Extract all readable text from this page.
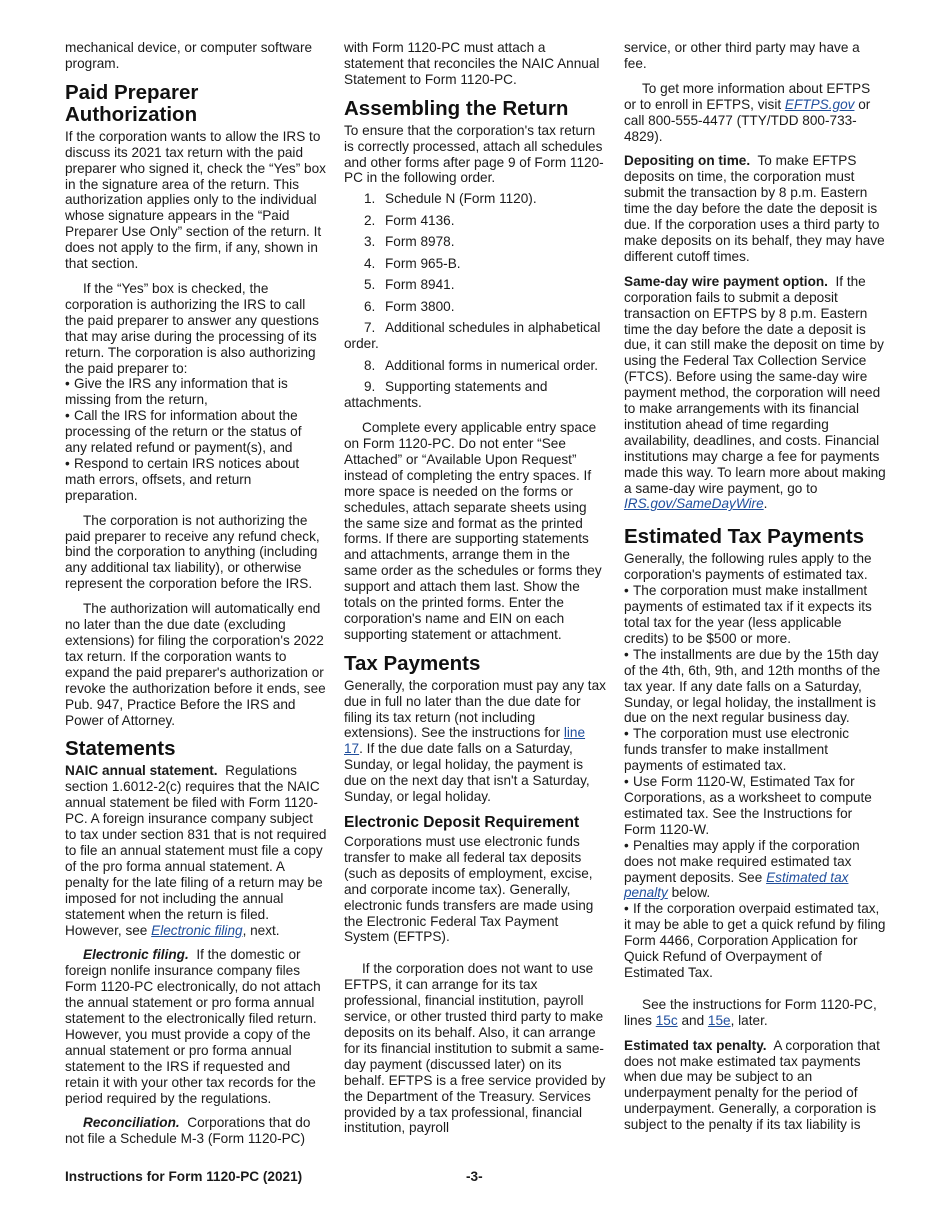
mechanical device, or computer software program.

Paid Preparer Authorization

If the corporation wants to allow the IRS to discuss its 2021 tax return with the paid preparer who signed it, check the “Yes” box in the signature area of the return. This authorization applies only to the individual whose signature appears in the “Paid Preparer Use Only” section of the return. It does not apply to the firm, if any, shown in that section.

If the “Yes” box is checked, the corporation is authorizing the IRS to call the paid preparer to answer any questions that may arise during the processing of its return. The corporation is also authorizing the paid preparer to:

• Give the IRS any information that is missing from the return,
• Call the IRS for information about the processing of the return or the status of any related refund or payment(s), and
• Respond to certain IRS notices about math errors, offsets, and return preparation.

The corporation is not authorizing the paid preparer to receive any refund check, bind the corporation to anything (including any additional tax liability), or otherwise represent the corporation before the IRS.

The authorization will automatically end no later than the due date (excluding extensions) for filing the corporation's 2022 tax return. If the corporation wants to expand the paid preparer's authorization or revoke the authorization before it ends, see Pub. 947, Practice Before the IRS and Power of Attorney.

Statements

NAIC annual statement. Regulations section 1.6012-2(c) requires that the NAIC annual statement be filed with Form 1120-PC. A foreign insurance company subject to tax under section 831 that is not required to file an annual statement must file a copy of the pro forma annual statement. A penalty for the late filing of a return may be imposed for not including the annual statement when the return is filed. However, see Electronic filing, next.

Electronic filing. If the domestic or foreign nonlife insurance company files Form 1120-PC electronically, do not attach the annual statement or pro forma annual statement to the electronically filed return. However, you must provide a copy of the annual statement or pro forma annual statement to the IRS if requested and retain it with your other tax records for the period required by the regulations.

Reconciliation. Corporations that do not file a Schedule M-3 (Form 1120-PC)

with Form 1120-PC must attach a statement that reconciles the NAIC Annual Statement to Form 1120-PC.

Assembling the Return

To ensure that the corporation's tax return is correctly processed, attach all schedules and other forms after page 9 of Form 1120-PC in the following order.

1. Schedule N (Form 1120).
2. Form 4136.
3. Form 8978.
4. Form 965-B.
5. Form 8941.
6. Form 3800.
7. Additional schedules in alphabetical order.
8. Additional forms in numerical order.
9. Supporting statements and attachments.

Complete every applicable entry space on Form 1120-PC. Do not enter “See Attached” or “Available Upon Request” instead of completing the entry spaces. If more space is needed on the forms or schedules, attach separate sheets using the same size and format as the printed forms. If there are supporting statements and attachments, arrange them in the same order as the schedules or forms they support and attach them last. Show the totals on the printed forms. Enter the corporation's name and EIN on each supporting statement or attachment.

Tax Payments

Generally, the corporation must pay any tax due in full no later than the due date for filing its tax return (not including extensions). See the instructions for line 17. If the due date falls on a Saturday, Sunday, or legal holiday, the payment is due on the next day that isn't a Saturday, Sunday, or legal holiday.

Electronic Deposit Requirement

Corporations must use electronic funds transfer to make all federal tax deposits (such as deposits of employment, excise, and corporate income tax). Generally, electronic funds transfers are made using the Electronic Federal Tax Payment System (EFTPS).

If the corporation does not want to use EFTPS, it can arrange for its tax professional, financial institution, payroll service, or other trusted third party to make deposits on its behalf. Also, it can arrange for its financial institution to submit a same-day payment (discussed later) on its behalf. EFTPS is a free service provided by the Department of the Treasury. Services provided by a tax professional, financial institution, payroll

service, or other third party may have a fee.

To get more information about EFTPS or to enroll in EFTPS, visit EFTPS.gov or call 800-555-4477 (TTY/TDD 800-733-4829).

Depositing on time. To make EFTPS deposits on time, the corporation must submit the transaction by 8 p.m. Eastern time the day before the date the deposit is due. If the corporation uses a third party to make deposits on its behalf, they may have different cutoff times.

Same-day wire payment option. If the corporation fails to submit a deposit transaction on EFTPS by 8 p.m. Eastern time the day before the date a deposit is due, it can still make the deposit on time by using the Federal Tax Collection Service (FTCS). Before using the same-day wire payment method, the corporation will need to make arrangements with its financial institution ahead of time regarding availability, deadlines, and costs. Financial institutions may charge a fee for payments made this way. To learn more about making a same-day wire payment, go to IRS.gov/SameDayWire.

Estimated Tax Payments

Generally, the following rules apply to the corporation's payments of estimated tax.

• The corporation must make installment payments of estimated tax if it expects its total tax for the year (less applicable credits) to be $500 or more.
• The installments are due by the 15th day of the 4th, 6th, 9th, and 12th months of the tax year. If any date falls on a Saturday, Sunday, or legal holiday, the installment is due on the next regular business day.
• The corporation must use electronic funds transfer to make installment payments of estimated tax.
• Use Form 1120-W, Estimated Tax for Corporations, as a worksheet to compute estimated tax. See the Instructions for Form 1120-W.
• Penalties may apply if the corporation does not make required estimated tax payment deposits. See Estimated tax penalty below.
• If the corporation overpaid estimated tax, it may be able to get a quick refund by filing Form 4466, Corporation Application for Quick Refund of Overpayment of Estimated Tax.

See the instructions for Form 1120-PC, lines 15c and 15e, later.

Estimated tax penalty. A corporation that does not make estimated tax payments when due may be subject to an underpayment penalty for the period of underpayment. Generally, a corporation is subject to the penalty if its tax liability is

Instructions for Form 1120-PC (2021)	-3-
